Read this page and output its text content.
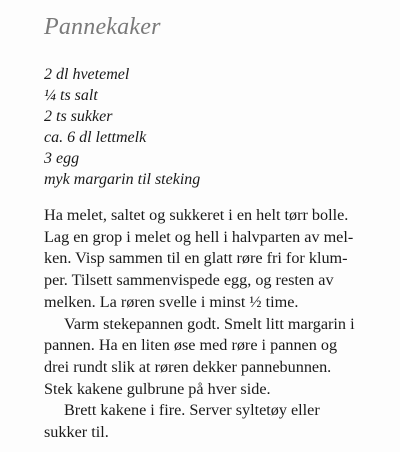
Pannekaker
2 dl hvetemel
¼ ts salt
2 ts sukker
ca. 6 dl lettmelk
3 egg
myk margarin til steking

Ha melet, saltet og sukkeret i en helt tørr bolle.
Lag en grop i melet og hell i halvparten av mel-
ken. Visp sammen til en glatt røre fri for klum-
per. Tilsett sammenvispede egg, og resten av
melken. La røren svelle i minst ½ time.

Varm stekepannen godt. Smelt litt margarin i
pannen. Ha en liten øse med røre i pannen og
drei rundt slik at røren dekker pannebunnen.
Stek kakene gulbrune på hver side.

Brett kakene i fire. Server syltetøy eller
sukker til.
